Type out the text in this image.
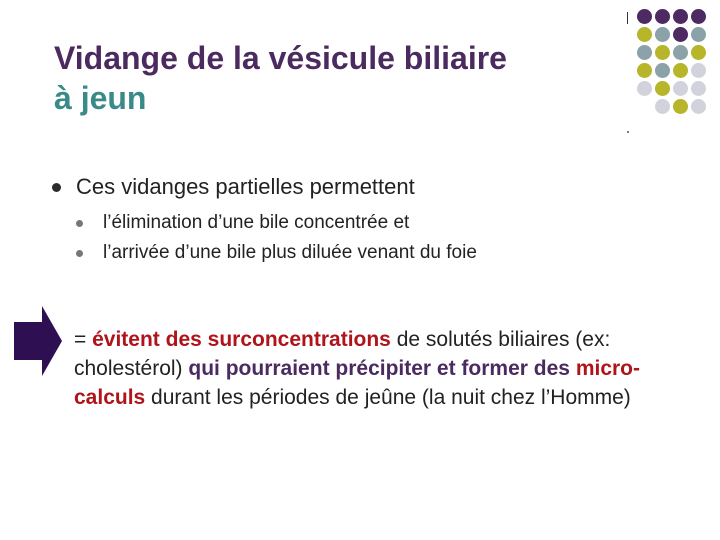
Vidange de la vésicule biliaire
à jeun
Ces vidanges partielles permettent
l’élimination d’une bile concentrée et
l’arrivée d’une bile plus diluée venant du foie
= évitent des surconcentrations de solutés biliaires (ex: cholestérol) qui pourraient précipiter et former des micro-calculs durant les périodes de jeûne (la nuit chez l’Homme)
